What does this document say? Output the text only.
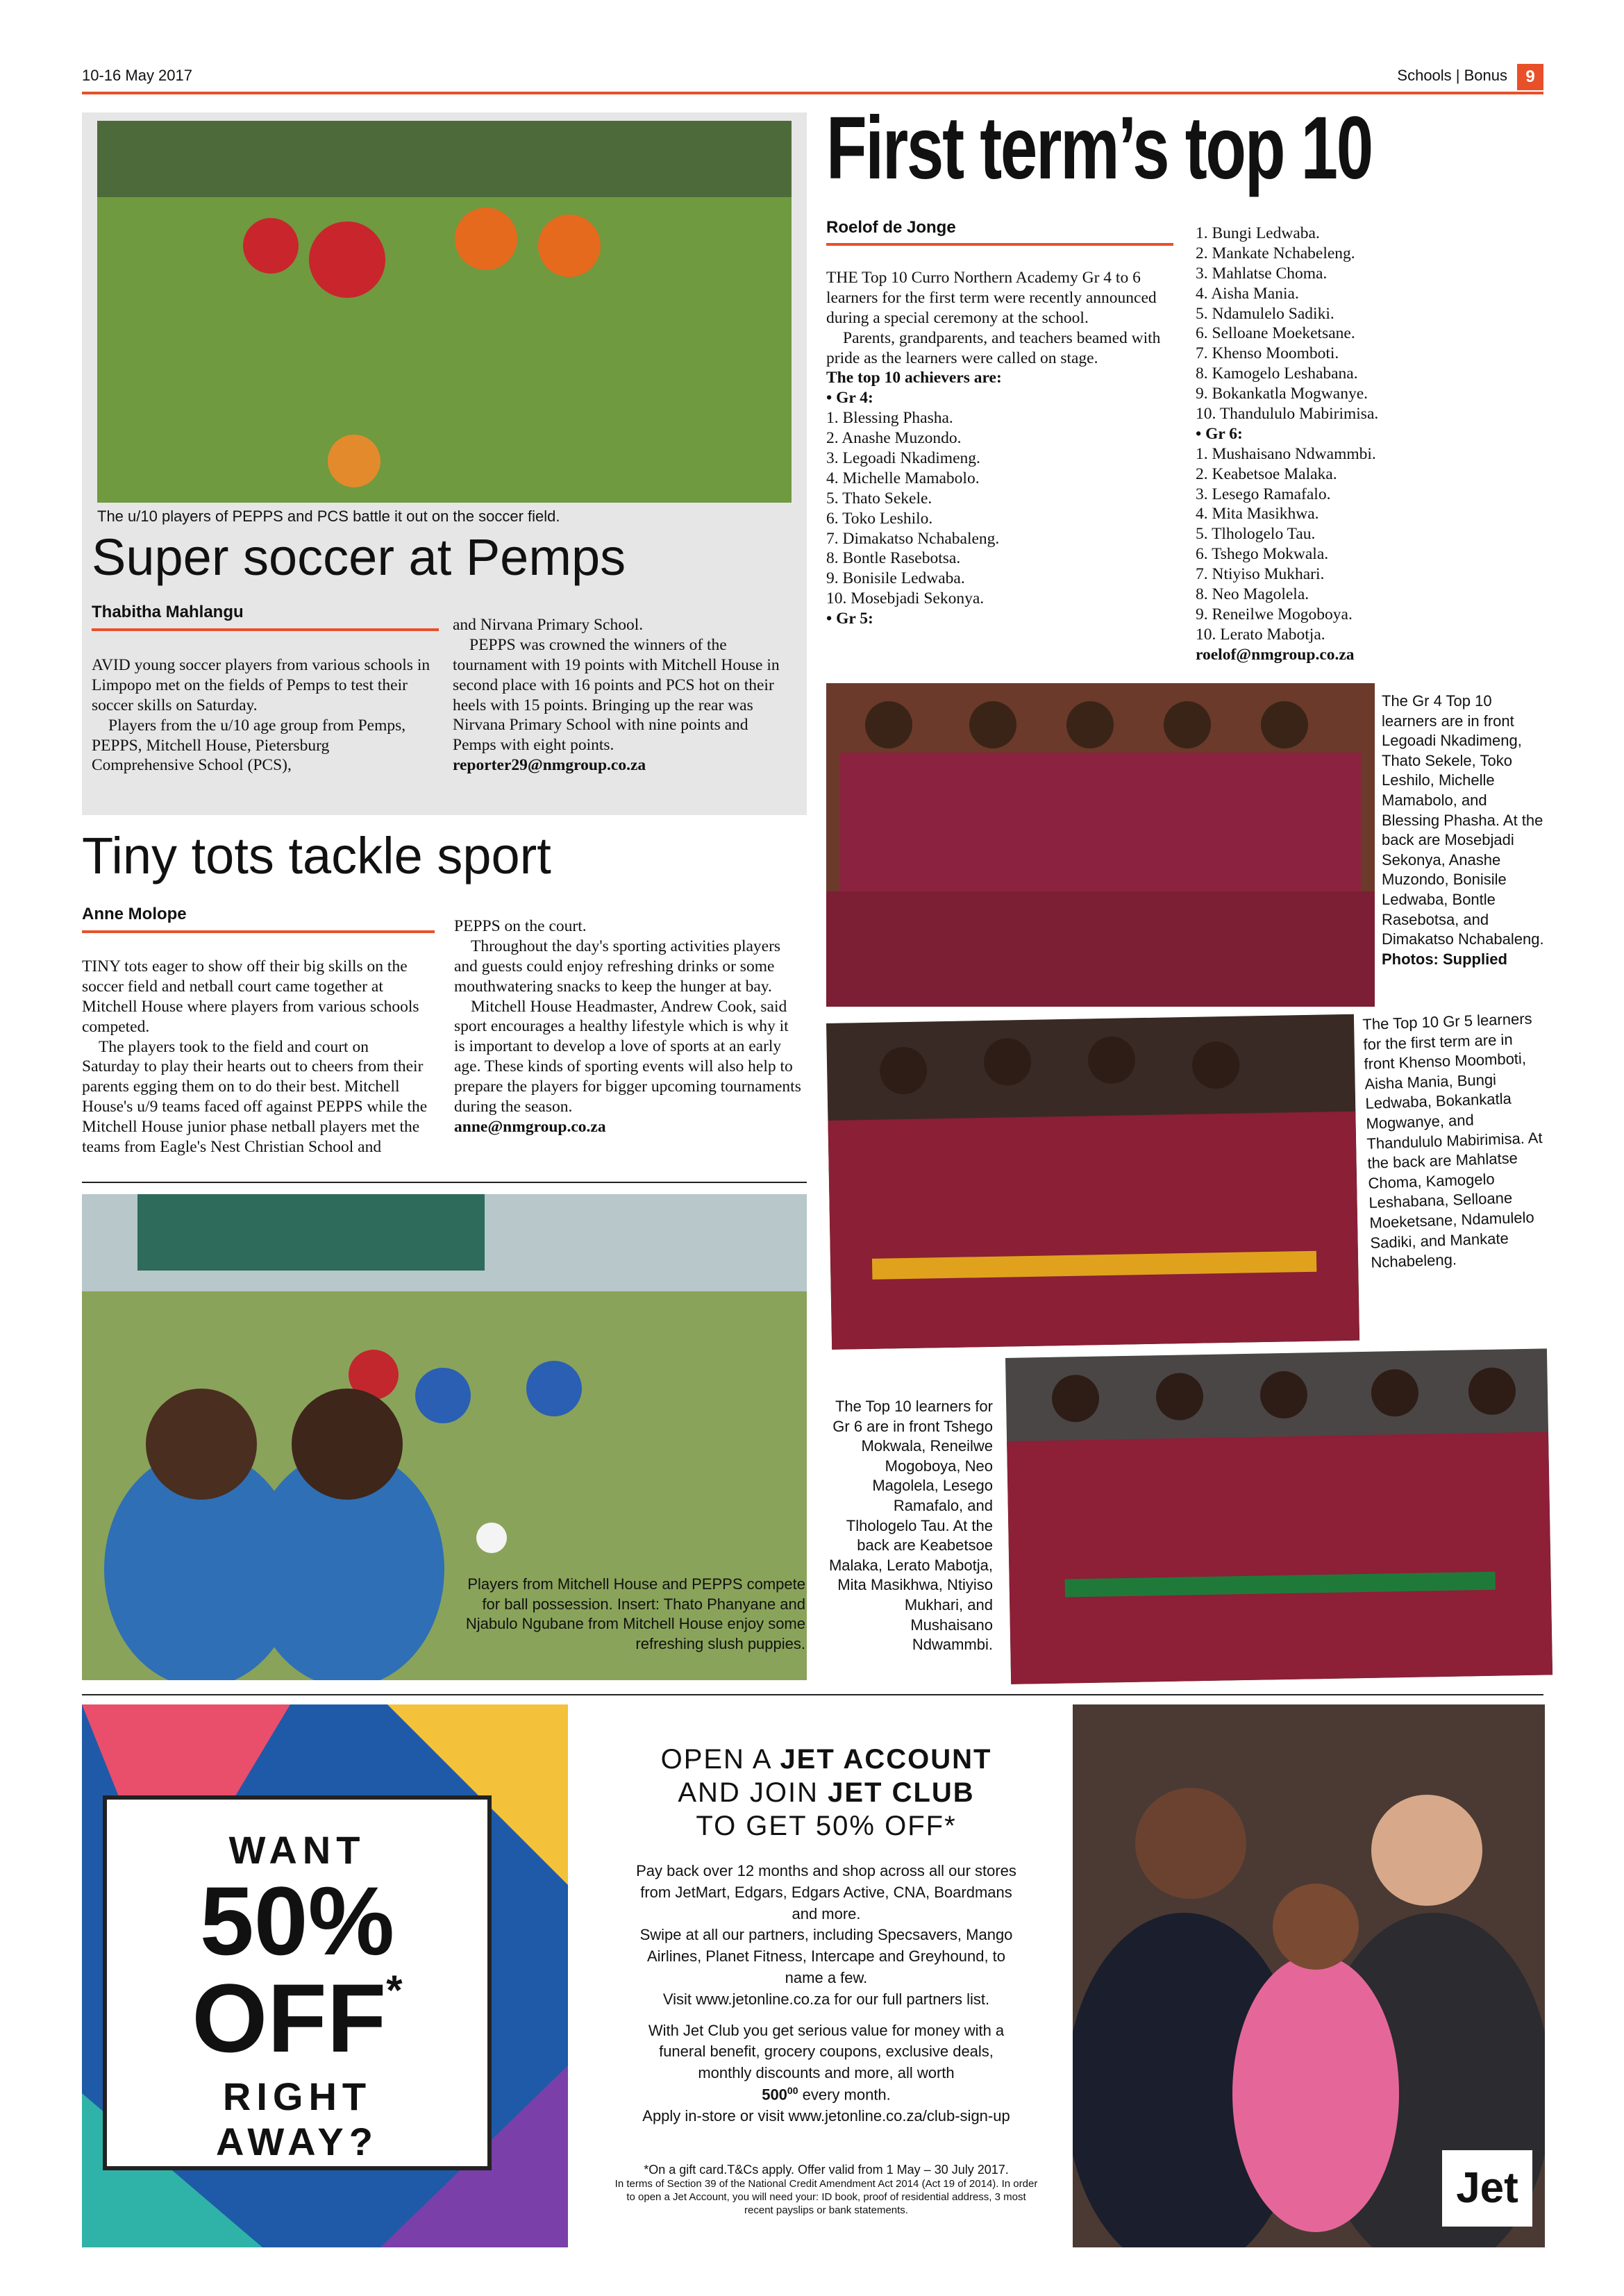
10-16 May 2017	Schools | Bonus	9
The u/10 players of PEPPS and PCS battle it out on the soccer field.
Super soccer at Pemps
Thabitha Mahlangu

AVID young soccer players from various schools in Limpopo met on the fields of Pemps to test their soccer skills on Saturday.

Players from the u/10 age group from Pemps, PEPPS, Mitchell House, Pietersburg Comprehensive School (PCS),

and Nirvana Primary School.

PEPPS was crowned the winners of the tournament with 19 points with Mitchell House in second place with 16 points and PCS hot on their heels with 15 points. Bringing up the rear was Nirvana Primary School with nine points and Pemps with eight points.

reporter29@nmgroup.co.za

Tiny tots tackle sport
Anne Molope

TINY tots eager to show off their big skills on the soccer field and netball court came together at Mitchell House where players from various schools competed.

The players took to the field and court on Saturday to play their hearts out to cheers from their parents egging them on to do their best. Mitchell House's u/9 teams faced off against PEPPS while the Mitchell House junior phase netball players met the teams from Eagle's Nest Christian School and

PEPPS on the court.

Throughout the day's sporting activities players and guests could enjoy refreshing drinks or some mouthwatering snacks to keep the hunger at bay.

Mitchell House Headmaster, Andrew Cook, said sport encourages a healthy lifestyle which is why it is important to develop a love of sports at an early age. These kinds of sporting events will also help to prepare the players for bigger upcoming tournaments during the season.

anne@nmgroup.co.za

Players from Mitchell House and PEPPS compete for ball possession. Insert: Thato Phanyane and Njabulo Ngubane from Mitchell House enjoy some refreshing slush puppies.
First term’s top 10
Roelof de Jonge

THE Top 10 Curro Northern Academy Gr 4 to 6 learners for the first term were recently announced during a special ceremony at the school.

Parents, grandparents, and teachers beamed with pride as the learners were called on stage.

The top 10 achievers are:

• Gr 4:

1. Blessing Phasha.
2. Anashe Muzondo.
3. Legoadi Nkadimeng.
4. Michelle Mamabolo.
5. Thato Sekele.
6. Toko Leshilo.
7. Dimakatso Nchabaleng.
8. Bontle Rasebotsa.
9. Bonisile Ledwaba.
10. Mosebjadi Sekonya.

• Gr 5:

1. Bungi Ledwaba.
2. Mankate Nchabeleng.
3. Mahlatse Choma.
4. Aisha Mania.
5. Ndamulelo Sadiki.
6. Selloane Moeketsane.
7. Khenso Moomboti.
8. Kamogelo Leshabana.
9. Bokankatla Mogwanye.
10. Thandululo Mabirimisa.

• Gr 6:

1. Mushaisano Ndwammbi.
2. Keabetsoe Malaka.
3. Lesego Ramafalo.
4. Mita Masikhwa.
5. Tlhologelo Tau.
6. Tshego Mokwala.
7. Ntiyiso Mukhari.
8. Neo Magolela.
9. Reneilwe Mogoboya.
10. Lerato Mabotja.

roelof@nmgroup.co.za

The Gr 4 Top 10 learners are in front Legoadi Nkadimeng, Thato Sekele, Toko Leshilo, Michelle Mamabolo, and Blessing Phasha. At the back are Mosebjadi Sekonya, Anashe Muzondo, Bonisile Ledwaba, Bontle Rasebotsa, and Dimakatso Nchabaleng.
Photos: Supplied
The Top 10 Gr 5 learners for the first term are in front Khenso Moomboti, Aisha Mania, Bungi Ledwaba, Bokankatla Mogwanye, and Thandululo Mabirimisa. At the back are Mahlatse Choma, Kamogelo Leshabana, Selloane Moeketsane, Ndamulelo Sadiki, and Mankate Nchabeleng.
The Top 10 learners for Gr 6 are in front Tshego Mokwala, Reneilwe Mogoboya, Neo Magolela, Lesego Ramafalo, and Tlhologelo Tau. At the back are Keabetsoe Malaka, Lerato Mabotja, Mita Masikhwa, Ntiyiso Mukhari, and Mushaisano Ndwammbi.
WANT
50%
OFF*
RIGHT
AWAY?
OPEN A JET ACCOUNT
AND JOIN JET CLUB
TO GET 50% OFF*
Pay back over 12 months and shop across all our stores from JetMart, Edgars, Edgars Active, CNA, Boardmans and more.
Swipe at all our partners, including Specsavers, Mango Airlines, Planet Fitness, Intercape and Greyhound, to name a few.
Visit www.jetonline.co.za for our full partners list.
With Jet Club you get serious value for money with a funeral benefit, grocery coupons, exclusive deals, monthly discounts and more, all worth
$500^{00}$ every month.
Apply in-store or visit www.jetonline.co.za/club-sign-up
*On a gift card.T&Cs apply. Offer valid from 1 May – 30 July 2017.
In terms of Section 39 of the National Credit Amendment Act 2014 (Act 19 of 2014). In order to open a Jet Account, you will need your: ID book, proof of residential address, 3 most recent payslips or bank statements.	Jet
